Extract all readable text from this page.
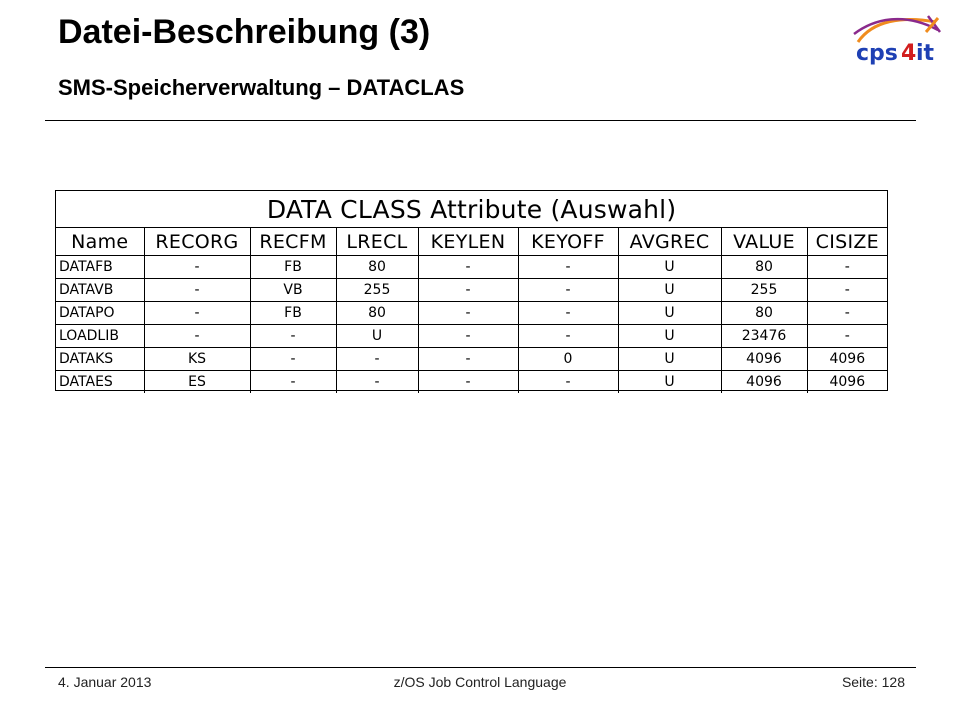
Datei-Beschreibung (3)
SMS-Speicherverwaltung – DATACLAS
cps 4 it
DATA CLASS Attribute (Auswahl)								
Name	RECORG	RECFM	LRECL	KEYLEN	KEYOFF	AVGREC	VALUE	CISIZE
DATAFB	-	FB	80	-	-	U	80	-
DATAVB	-	VB	255	-	-	U	255	-
DATAPO	-	FB	80	-	-	U	80	-
LOADLIB	-	-	U	-	-	U	23476	-
DATAKS	KS	-	-	-	0	U	4096	4096
DATAES	ES	-	-	-	-	U	4096	4096
4. Januar 2013	z/OS Job Control Language	Seite: 128
